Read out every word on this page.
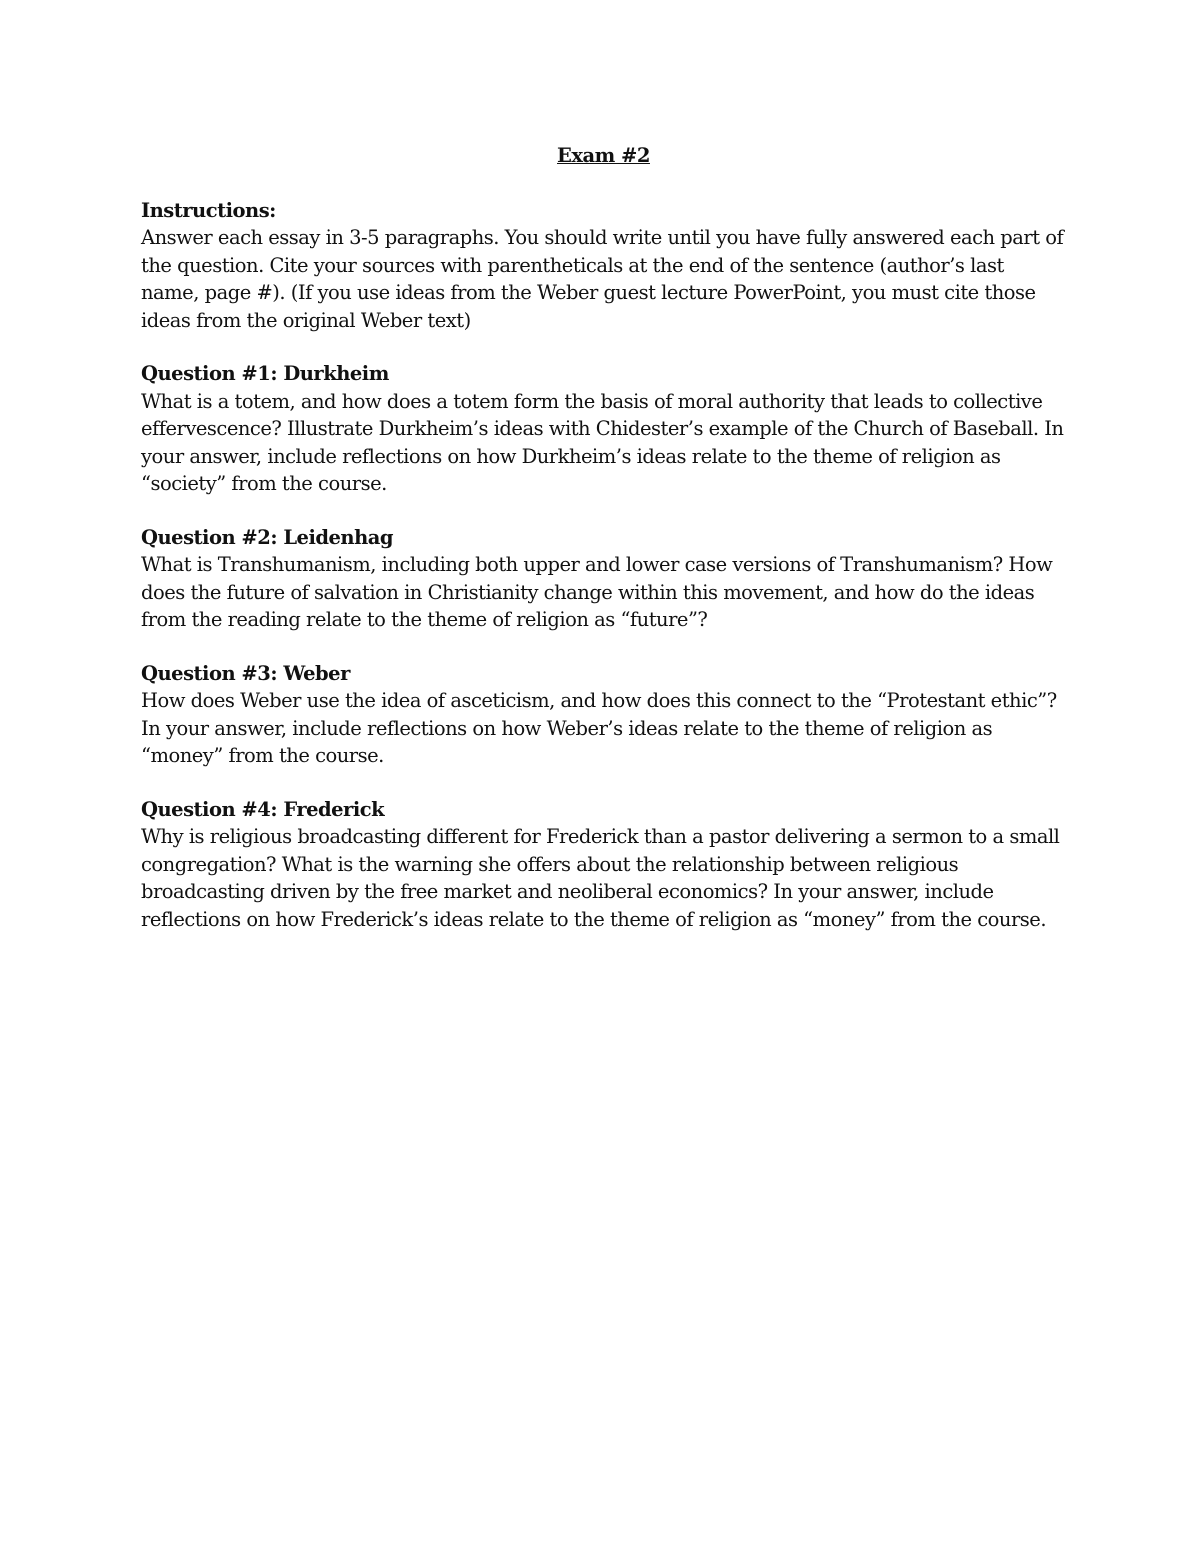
Exam #2
Instructions:
Answer each essay in 3-5 paragraphs. You should write until you have fully answered each part of the question. Cite your sources with parentheticals at the end of the sentence (author’s last name, page #). (If you use ideas from the Weber guest lecture PowerPoint, you must cite those ideas from the original Weber text)
Question #1: Durkheim
What is a totem, and how does a totem form the basis of moral authority that leads to collective effervescence? Illustrate Durkheim’s ideas with Chidester’s example of the Church of Baseball. In your answer, include reflections on how Durkheim’s ideas relate to the theme of religion as “society” from the course.
Question #2: Leidenhag
What is Transhumanism, including both upper and lower case versions of Transhumanism? How does the future of salvation in Christianity change within this movement, and how do the ideas from the reading relate to the theme of religion as “future”?
Question #3: Weber
How does Weber use the idea of asceticism, and how does this connect to the “Protestant ethic”? In your answer, include reflections on how Weber’s ideas relate to the theme of religion as “money” from the course.
Question #4: Frederick
Why is religious broadcasting different for Frederick than a pastor delivering a sermon to a small congregation? What is the warning she offers about the relationship between religious broadcasting driven by the free market and neoliberal economics? In your answer, include reflections on how Frederick’s ideas relate to the theme of religion as “money” from the course.
